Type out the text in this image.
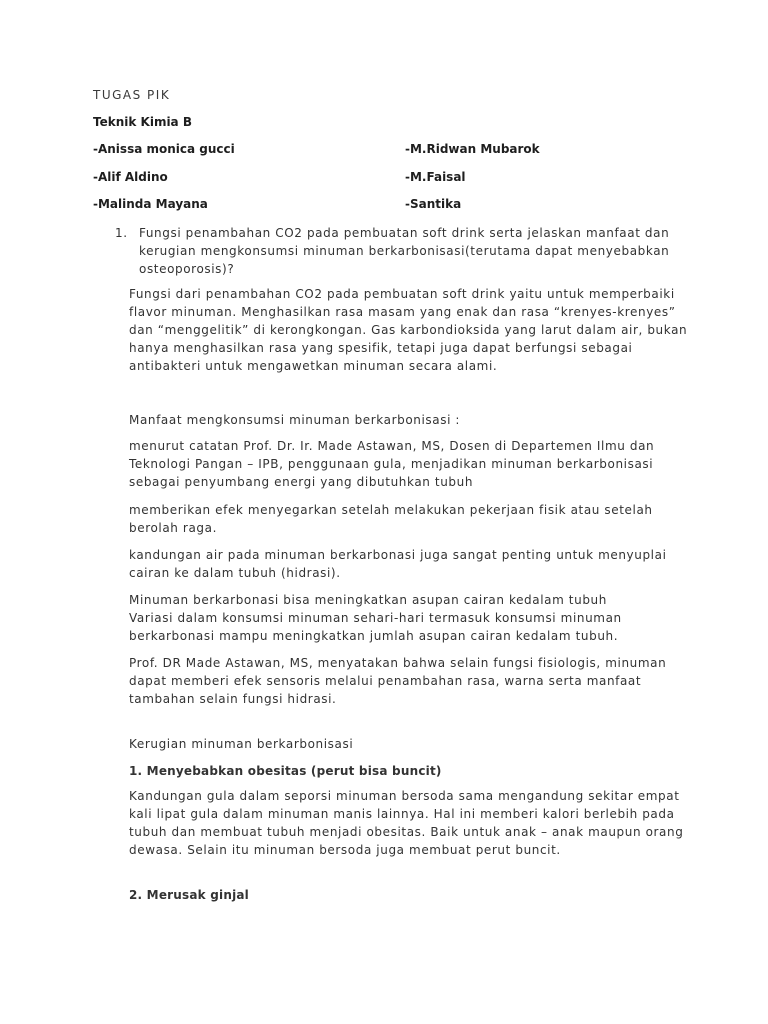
TUGAS PIK
Teknik Kimia B
-Anissa monica gucci
-Alif Aldino
-Malinda Mayana
-M.Ridwan Mubarok
-M.Faisal
-Santika
1. Fungsi penambahan CO2 pada pembuatan soft drink serta jelaskan manfaat dan kerugian mengkonsumsi minuman berkarbonisasi(terutama dapat menyebabkan osteoporosis)?

Fungsi dari penambahan CO2 pada pembuatan soft drink yaitu untuk memperbaiki flavor minuman. Menghasilkan rasa masam yang enak dan rasa “krenyes-krenyes” dan “menggelitik” di kerongkongan. Gas karbondioksida yang larut dalam air, bukan hanya menghasilkan rasa yang spesifik, tetapi juga dapat berfungsi sebagai antibakteri untuk mengawetkan minuman secara alami.

Manfaat mengkonsumsi minuman berkarbonisasi :

menurut catatan Prof. Dr. Ir. Made Astawan, MS, Dosen di Departemen Ilmu dan Teknologi Pangan – IPB, penggunaan gula, menjadikan minuman berkarbonisasi sebagai penyumbang energi yang dibutuhkan tubuh

memberikan efek menyegarkan setelah melakukan pekerjaan fisik atau setelah berolah raga.

kandungan air pada minuman berkarbonasi juga sangat penting untuk menyuplai cairan ke dalam tubuh (hidrasi).

Minuman berkarbonasi bisa meningkatkan asupan cairan kedalam tubuh

Variasi dalam konsumsi minuman sehari-hari termasuk konsumsi minuman berkarbonasi mampu meningkatkan jumlah asupan cairan kedalam tubuh.

Prof. DR Made Astawan, MS, menyatakan bahwa selain fungsi fisiologis, minuman dapat memberi efek sensoris melalui penambahan rasa, warna serta manfaat tambahan selain fungsi hidrasi.

Kerugian minuman berkarbonisasi

1. Menyebabkan obesitas (perut bisa buncit)

Kandungan gula dalam seporsi minuman bersoda sama mengandung sekitar empat kali lipat gula dalam minuman manis lainnya. Hal ini memberi kalori berlebih pada tubuh dan membuat tubuh menjadi obesitas. Baik untuk anak – anak maupun orang dewasa. Selain itu minuman bersoda juga membuat perut buncit.

2. Merusak ginjal
